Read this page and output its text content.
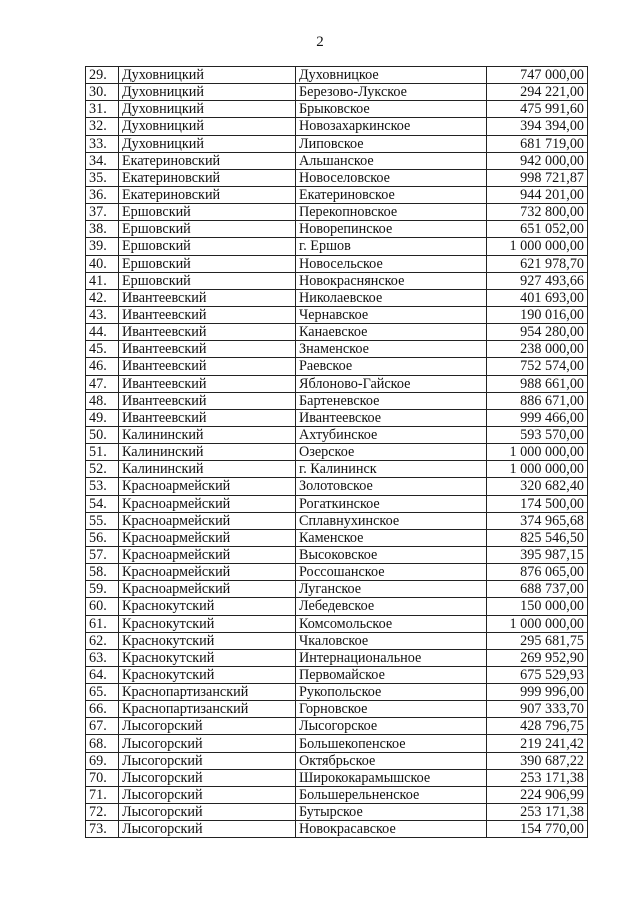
2
29.	Духовницкий	Духовницкое	747 000,00
30.	Духовницкий	Березово-Лукское	294 221,00
31.	Духовницкий	Брыковское	475 991,60
32.	Духовницкий	Новозахаркинское	394 394,00
33.	Духовницкий	Липовское	681 719,00
34.	Екатериновский	Альшанское	942 000,00
35.	Екатериновский	Новоселовское	998 721,87
36.	Екатериновский	Екатериновское	944 201,00
37.	Ершовский	Перекопновское	732 800,00
38.	Ершовский	Новорепинское	651 052,00
39.	Ершовский	г. Ершов	1 000 000,00
40.	Ершовский	Новосельское	621 978,70
41.	Ершовский	Новокраснянское	927 493,66
42.	Ивантеевский	Николаевское	401 693,00
43.	Ивантеевский	Чернавское	190 016,00
44.	Ивантеевский	Канаевское	954 280,00
45.	Ивантеевский	Знаменское	238 000,00
46.	Ивантеевский	Раевское	752 574,00
47.	Ивантеевский	Яблоново-Гайское	988 661,00
48.	Ивантеевский	Бартеневское	886 671,00
49.	Ивантеевский	Ивантеевское	999 466,00
50.	Калининский	Ахтубинское	593 570,00
51.	Калининский	Озерское	1 000 000,00
52.	Калининский	г. Калининск	1 000 000,00
53.	Красноармейский	Золотовское	320 682,40
54.	Красноармейский	Рогаткинское	174 500,00
55.	Красноармейский	Сплавнухинское	374 965,68
56.	Красноармейский	Каменское	825 546,50
57.	Красноармейский	Высоковское	395 987,15
58.	Красноармейский	Россошанское	876 065,00
59.	Красноармейский	Луганское	688 737,00
60.	Краснокутский	Лебедевское	150 000,00
61.	Краснокутский	Комсомольское	1 000 000,00
62.	Краснокутский	Чкаловское	295 681,75
63.	Краснокутский	Интернациональное	269 952,90
64.	Краснокутский	Первомайское	675 529,93
65.	Краснопартизанский	Рукопольское	999 996,00
66.	Краснопартизанский	Горновское	907 333,70
67.	Лысогорский	Лысогорское	428 796,75
68.	Лысогорский	Большекопенское	219 241,42
69.	Лысогорский	Октябрьское	390 687,22
70.	Лысогорский	Ширококарамышское	253 171,38
71.	Лысогорский	Большерельненское	224 906,99
72.	Лысогорский	Бутырское	253 171,38
73.	Лысогорский	Новокрасавское	154 770,00
